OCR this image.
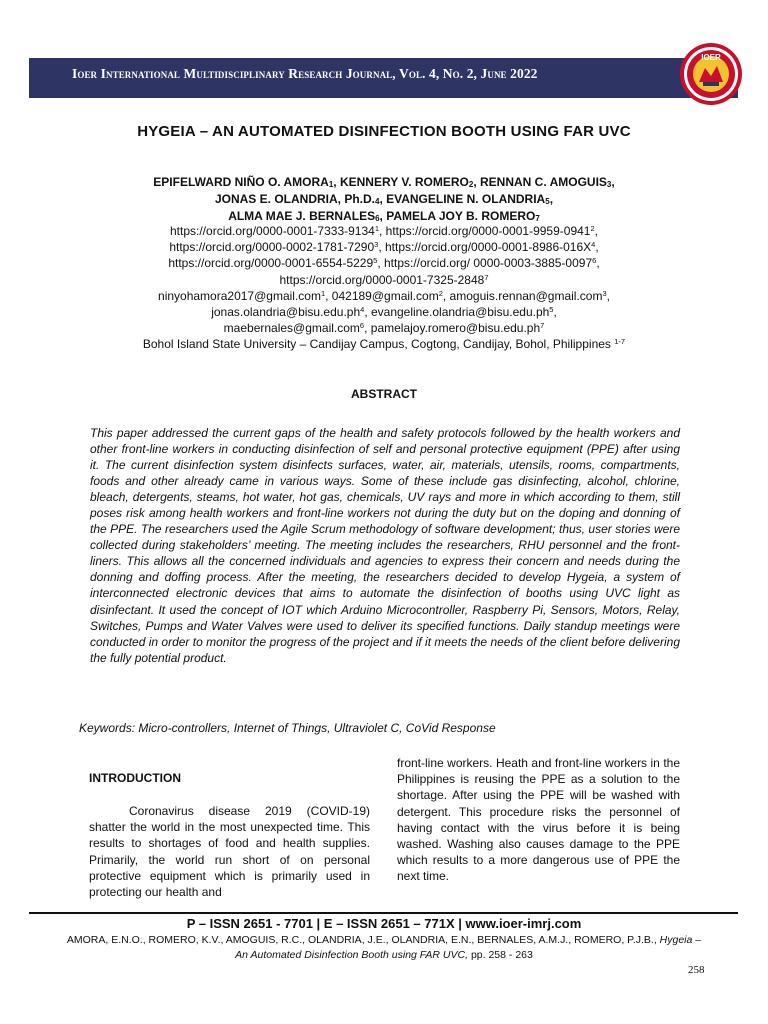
Ioer International Multidisciplinary Research Journal, Vol. 4, No. 2, June 2022
IOER
HYGEIA – AN AUTOMATED DISINFECTION BOOTH USING FAR UVC
EPIFELWARD NIÑO O. $AMORA_1$, KENNERY V. $ROMERO_2$, RENNAN C. $AMOGUIS_3$,
JONAS E. OLANDRIA, $Ph.D._4$, EVANGELINE N. $OLANDRIA_5$,
ALMA MAE J. $BERNALES_6$, PAMELA JOY B. $ROMERO_7$
https://orcid.org/0000-0001-7333-9134$^1$, https://orcid.org/0000-0001-9959-0941$^2$,
https://orcid.org/0000-0002-1781-7290$^3$, $https://orcid.org/0000-0001-8986-016X^4$,
https://orcid.org/0000-0001-6554-5229$^5$, https://orcid.org/ 0000-0003-3885-0097$^6$,
https://orcid.org/0000-0001-7325-2848$^7$
ninyohamora2017@gmail.com$^1$, 042189@gmail.com$^2$, amoguis.rennan@gmail.com$^3$,
$jonas.olandria@bisu.edu.ph^4$, $evangeline.olandria@bisu.edu.ph^5$,
maebernales@gmail.com$^6$, $pamelajoy.romero@bisu.edu.ph^7$
Bohol Island State University – Candijay Campus, Cogtong, Candijay, Bohol, Philippines $^{1-7}$
ABSTRACT
This paper addressed the current gaps of the health and safety protocols followed by the health workers and other front-line workers in conducting disinfection of self and personal protective equipment (PPE) after using it. The current disinfection system disinfects surfaces, water, air, materials, utensils, rooms, compartments, foods and other already came in various ways. Some of these include gas disinfecting, alcohol, chlorine, bleach, detergents, steams, hot water, hot gas, chemicals, UV rays and more in which according to them, still poses risk among health workers and front-line workers not during the duty but on the doping and donning of the PPE. The researchers used the Agile Scrum methodology of software development; thus, user stories were collected during stakeholders’ meeting. The meeting includes the researchers, RHU personnel and the front-liners. This allows all the concerned individuals and agencies to express their concern and needs during the donning and doffing process. After the meeting, the researchers decided to develop Hygeia, a system of interconnected electronic devices that aims to automate the disinfection of booths using UVC light as disinfectant. It used the concept of IOT which Arduino Microcontroller, Raspberry Pi, Sensors, Motors, Relay, Switches, Pumps and Water Valves were used to deliver its specified functions. Daily standup meetings were conducted in order to monitor the progress of the project and if it meets the needs of the client before delivering the fully potential product.
Keywords: Micro-controllers, Internet of Things, Ultraviolet C, CoVid Response
INTRODUCTION
Coronavirus disease 2019 (COVID-19) shatter the world in the most unexpected time. This results to shortages of food and health supplies. Primarily, the world run short of on personal protective equipment which is primarily used in protecting our health and
front-line workers. Heath and front-line workers in the Philippines is reusing the PPE as a solution to the shortage. After using the PPE will be washed with detergent. This procedure risks the personnel of having contact with the virus before it is being washed. Washing also causes damage to the PPE which results to a more dangerous use of PPE the next time.
P – ISSN 2651 - 7701 | E – ISSN 2651 – 771X | www.ioer-imrj.com
AMORA, E.N.O., ROMERO, K.V., AMOGUIS, R.C., OLANDRIA, J.E., OLANDRIA, E.N., BERNALES, A.M.J., ROMERO, P.J.B., Hygeia – An Automated Disinfection Booth using FAR UVC, pp. 258 - 263
258
